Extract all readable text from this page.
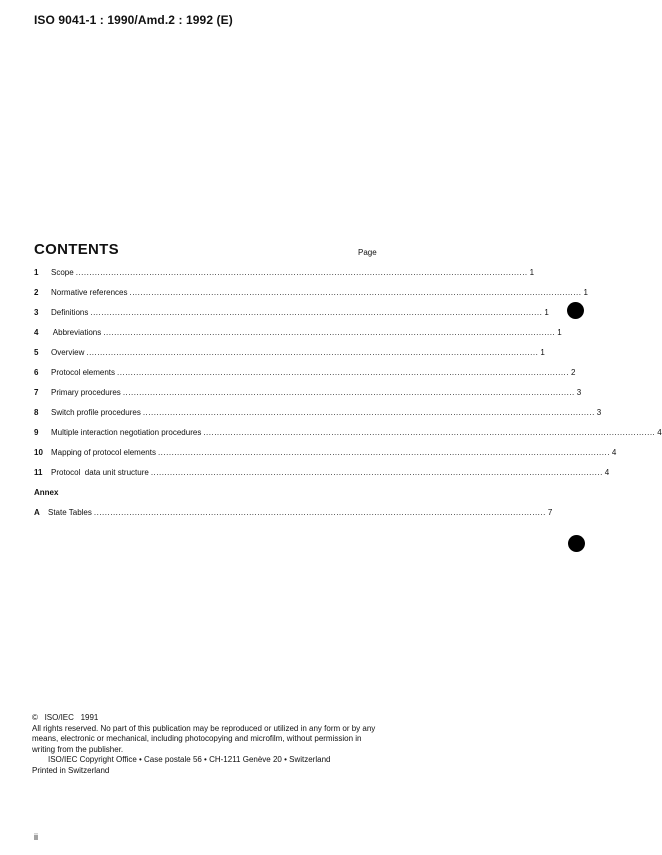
ISO 9041-1 : 1990/Amd.2 : 1992 (E)
CONTENTS	Page
1	Scope ...................................................................................................................................................................... 1
2	Normative references ...................................................................................................................................................................... 1
3	Definitions ...................................................................................................................................................................... 1
4	Abbreviations ...................................................................................................................................................................... 1
5	Overview ...................................................................................................................................................................... 1
6	Protocol elements ...................................................................................................................................................................... 2
7	Primary procedures ...................................................................................................................................................................... 3
8	Switch profile procedures ...................................................................................................................................................................... 3
9	Multiple interaction negotiation procedures ...................................................................................................................................................................... 4
10	Mapping of protocol elements ...................................................................................................................................................................... 4
11	Protocol  data unit structure ...................................................................................................................................................................... 4
Annex
A	State Tables ...................................................................................................................................................................... 7
©   ISO/IEC   1991
All rights reserved. No part of this publication may be reproduced or utilized in any form or by any means, electronic or mechanical, including photocopying and microfilm, without permission in writing from the publisher.
ISO/IEC Copyright Office • Case postale 56 • CH-1211 Genève 20 • Switzerland
Printed in Switzerland
ii
